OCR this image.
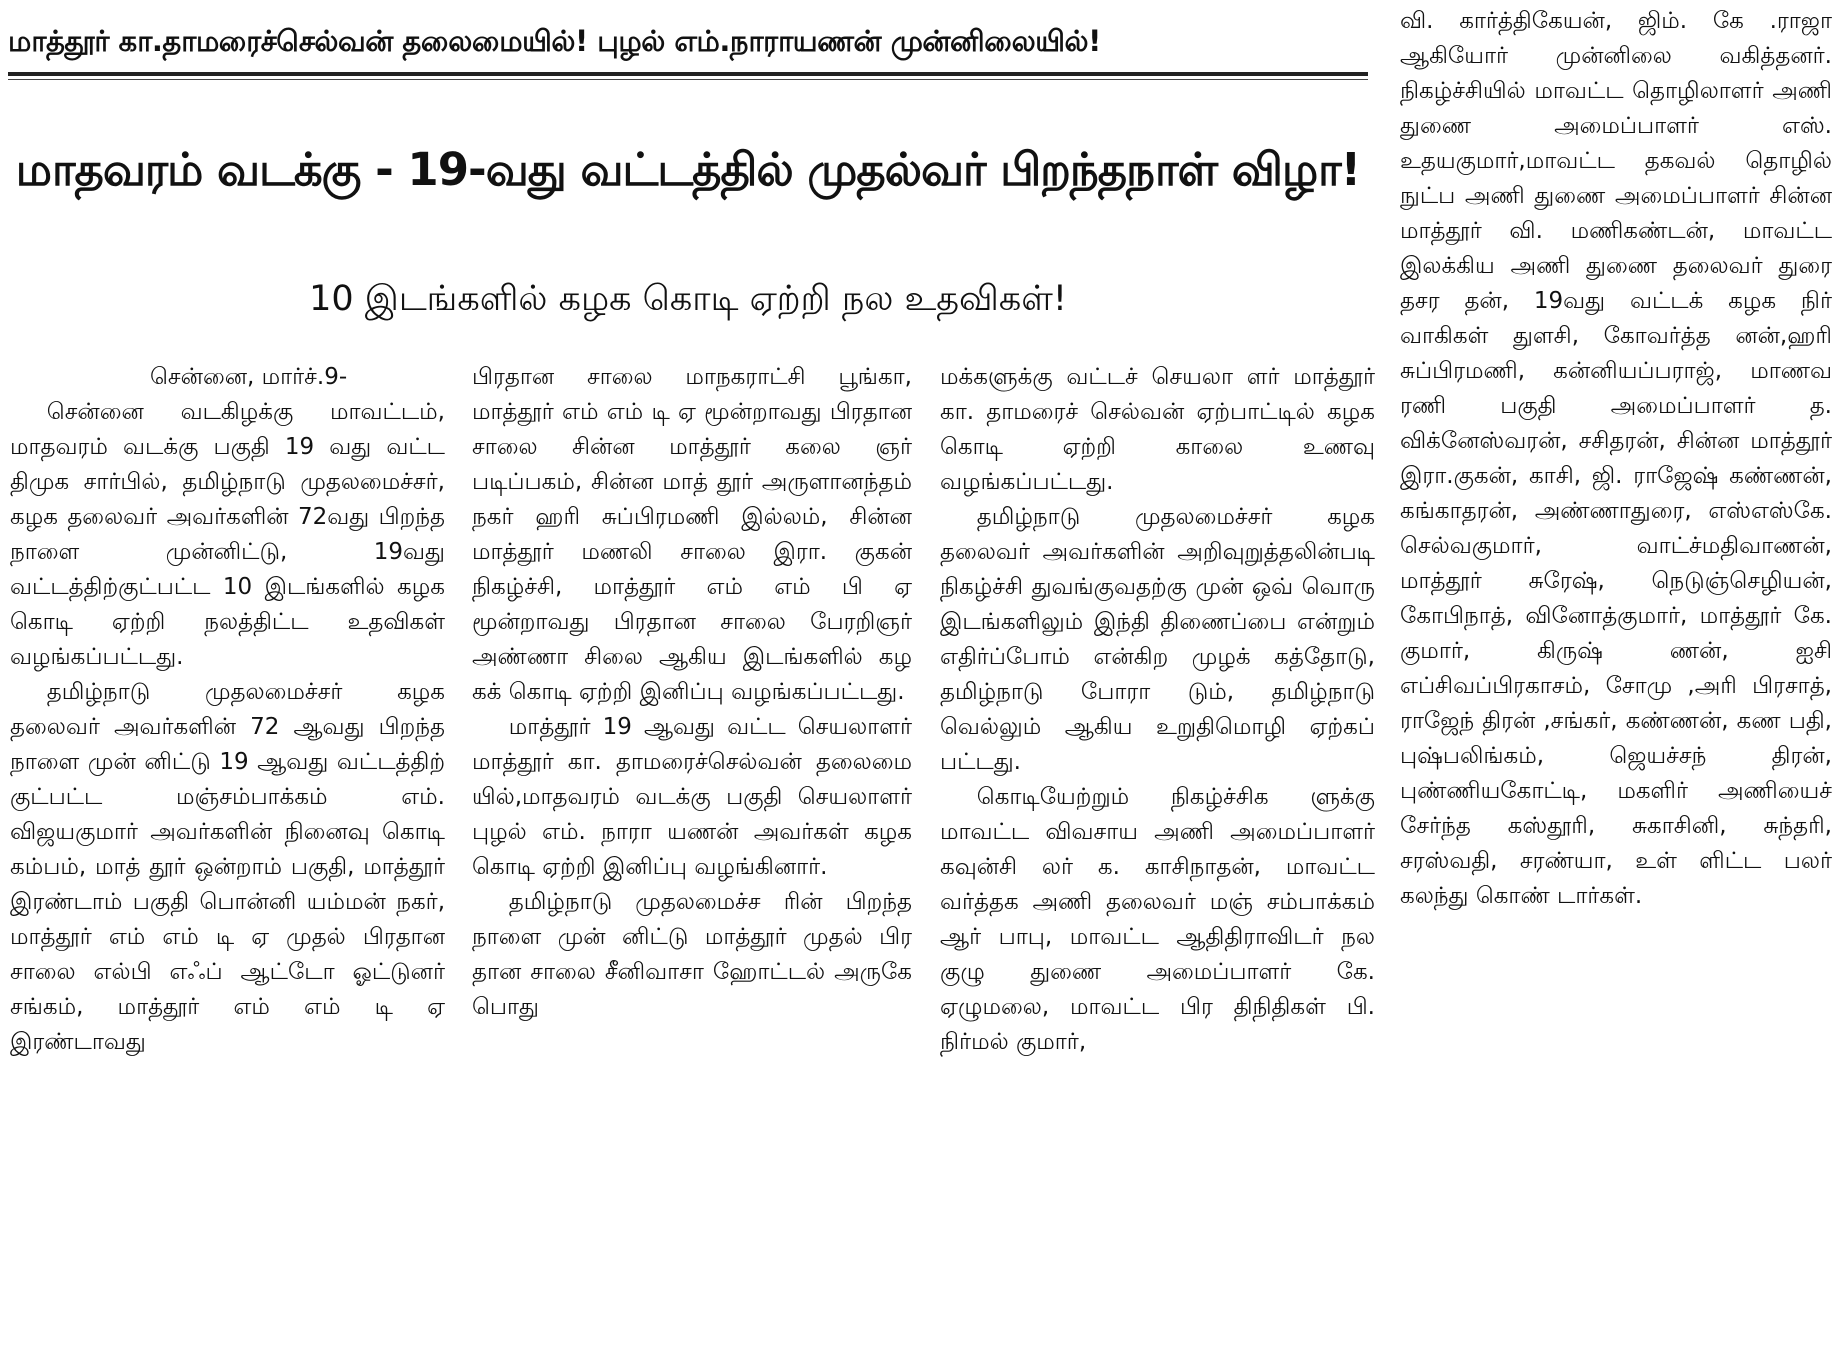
மாத்தூர் கா.தாமரைச்செல்வன் தலைமையில்! புழல் எம்.நாராயணன் முன்னிலையில்!
மாதவரம் வடக்கு - 19-வது வட்டத்தில் முதல்வர் பிறந்தநாள் விழா!
10 இடங்களில் கழக கொடி ஏற்றி நல உதவிகள்!

சென்னை, மார்ச்.9-

சென்னை வடகிழக்கு மாவட்டம், மாதவரம் வடக்கு பகுதி 19 வது வட்ட திமுக சார்பில், தமிழ்நாடு முதலமைச்சர், கழக தலைவர் அவர்களின் 72வது பிறந்த நாளை முன்னிட்டு, 19வது வட்டத்திற்குட்பட்ட 10 இடங்களில் கழக கொடி ஏற்றி நலத்திட்ட உதவிகள் வழங்கப்பட்டது.

தமிழ்நாடு முதலமைச்சர் கழக தலைவர் அவர்களின் 72 ஆவது பிறந்த நாளை முன் னிட்டு 19 ஆவது வட்டத்திற் குட்பட்ட மஞ்சம்பாக்கம் எம். விஜயகுமார் அவர்களின் நினைவு கொடி கம்பம், மாத் தூர் ஒன்றாம் பகுதி, மாத்தூர் இரண்டாம் பகுதி பொன்னி யம்மன் நகர், மாத்தூர் எம் எம் டி ஏ முதல் பிரதான சாலை எல்பி எஃப் ஆட்டோ ஓட்டுனர் சங்கம், மாத்தூர் எம் எம் டி ஏ இரண்டாவது

பிரதான சாலை மாநகராட்சி பூங்கா, மாத்தூர் எம் எம் டி ஏ மூன்றாவது பிரதான சாலை சின்ன மாத்தூர் கலை ஞர் படிப்பகம், சின்ன மாத் தூர் அருளானந்தம் நகர் ஹரி சுப்பிரமணி இல்லம், சின்ன மாத்தூர் மணலி சாலை இரா. குகன் நிகழ்ச்சி, மாத்தூர் எம் எம் பி ஏ மூன்றாவது பிரதான சாலை பேரறிஞர் அண்ணா சிலை ஆகிய இடங்களில் கழ கக் கொடி ஏற்றி இனிப்பு வழங்கப்பட்டது.

மாத்தூர் 19 ஆவது வட்ட செயலாளர் மாத்தூர் கா. தாமரைச்செல்வன் தலைமை யில்,மாதவரம் வடக்கு பகுதி செயலாளர் புழல் எம். நாரா யணன் அவர்கள் கழக கொடி ஏற்றி இனிப்பு வழங்கினார்.

தமிழ்நாடு முதலமைச்ச ரின் பிறந்த நாளை முன் னிட்டு மாத்தூர் முதல் பிர தான சாலை சீனிவாசா ஹோட்டல் அருகே பொது

மக்களுக்கு வட்டச் செயலா ளர் மாத்தூர் கா. தாமரைச் செல்வன் ஏற்பாட்டில் கழக கொடி ஏற்றி காலை உணவு வழங்கப்பட்டது.

தமிழ்நாடு முதலமைச்சர் கழக தலைவர் அவர்களின் அறிவுறுத்தலின்படி நிகழ்ச்சி துவங்குவதற்கு முன் ஒவ் வொரு இடங்களிலும் இந்தி திணைப்பை என்றும் எதிர்ப்போம் என்கிற முழக் கத்தோடு, தமிழ்நாடு போரா டும், தமிழ்நாடு வெல்லும் ஆகிய உறுதிமொழி ஏற்கப் பட்டது.

கொடியேற்றும் நிகழ்ச்சிக ளுக்கு மாவட்ட விவசாய அணி அமைப்பாளர் கவுன்சி லர் க. காசிநாதன், மாவட்ட வர்த்தக அணி தலைவர் மஞ் சம்பாக்கம் ஆர் பாபு, மாவட்ட ஆதிதிராவிடர் நல குழு துணை அமைப்பாளர் கே. ஏழுமலை, மாவட்ட பிர திநிதிகள் பி. நிர்மல் குமார்,

வி. கார்த்திகேயன், ஜிம். கே .ராஜா ஆகியோர் முன்னிலை வகித்தனர். நிகழ்ச்சியில் மாவட்ட தொழிலாளர் அணி துணை அமைப்பாளர் எஸ். உதயகுமார்,மாவட்ட தகவல் தொழில் நுட்ப அணி துணை அமைப்பாளர் சின்ன மாத்தூர் வி. மணிகண்டன், மாவட்ட இலக்கிய அணி துணை தலைவர் துரை தசர தன், 19வது வட்டக் கழக நிர் வாகிகள் துளசி, கோவர்த்த னன்,ஹரி சுப்பிரமணி, கன்னியப்பராஜ், மாணவ ரணி பகுதி அமைப்பாளர் த. விக்னேஸ்வரன், சசிதரன், சின்ன மாத்தூர் இரா.குகன், காசி, ஜி. ராஜேஷ் கண்ணன், கங்காதரன், அண்ணாதுரை, எஸ்எஸ்கே. செல்வகுமார், வாட்ச்மதிவாணன், மாத்தூர் சுரேஷ், நெடுஞ்செழியன், கோபிநாத், வினோத்குமார், மாத்தூர் கே. குமார், கிருஷ் ணன், ஐசி எப்சிவப்பிரகாசம், சோமு ,அரி பிரசாத், ராஜேந் திரன் ,சங்கர், கண்ணன், கண பதி, புஷ்பலிங்கம், ஜெயச்சந் திரன், புண்ணியகோட்டி, மகளிர் அணியைச் சேர்ந்த கஸ்தூரி, சுகாசினி, சுந்தரி, சரஸ்வதி, சரண்யா, உள் ளிட்ட பலர் கலந்து கொண் டார்கள்.
